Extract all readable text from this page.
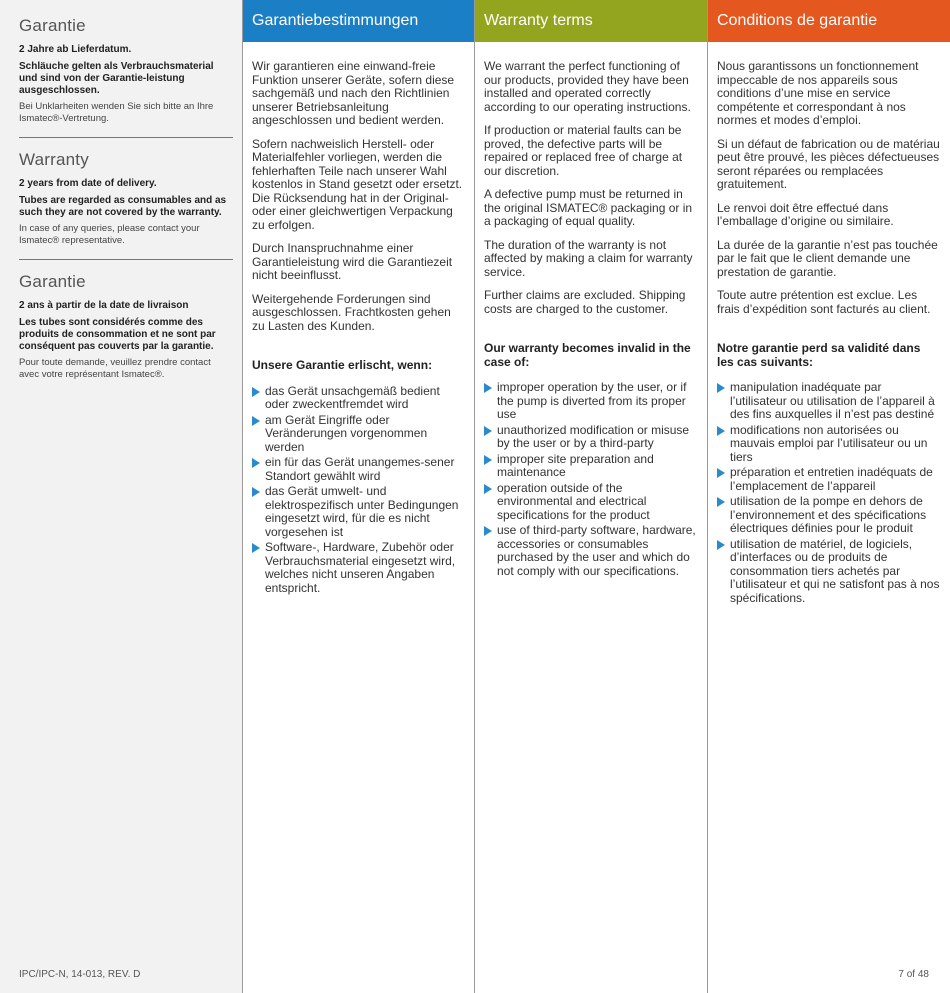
Garantie
2 Jahre ab Lieferdatum.
Schläuche gelten als Verbrauchsmaterial und sind von der Garantie-leistung ausgeschlossen.
Bei Unklarheiten wenden Sie sich bitte an Ihre Ismatec®-Vertretung.
Warranty
2 years from date of delivery.
Tubes are regarded as consumables and as such they are not covered by the warranty.
In case of any queries, please contact your Ismatec® representative.
Garantie
2 ans à partir de la date de livraison
Les tubes sont considérés comme des produits de consommation et ne sont par conséquent pas couverts par la garantie.
Pour toute demande, veuillez prendre contact avec votre représentant Ismatec®.
IPC/IPC-N, 14-013, REV. D
Garantiebestimmungen

Wir garantieren eine einwand-freie Funktion unserer Geräte, sofern diese sachgemäß und nach den Richtlinien unserer Betriebsanleitung angeschlossen und bedient werden.

Sofern nachweislich Herstell- oder Materialfehler vorliegen, werden die fehlerhaften Teile nach unserer Wahl kostenlos in Stand gesetzt oder ersetzt. Die Rücksendung hat in der Original- oder einer gleichwertigen Verpackung zu erfolgen.

Durch Inanspruchnahme einer Garantieleistung wird die Garantiezeit nicht beeinflusst.

Weitergehende Forderungen sind ausgeschlossen. Frachtkosten gehen zu Lasten des Kunden.

Unsere Garantie erlischt, wenn:

das Gerät unsachgemäß bedient oder zweckentfremdet wird
am Gerät Eingriffe oder Veränderungen vorgenommen werden
ein für das Gerät unangemes-sener Standort gewählt wird
das Gerät umwelt- und elektrospezifisch unter Bedingungen eingesetzt wird, für die es nicht vorgesehen ist
Software-, Hardware, Zubehör oder Verbrauchsmaterial eingesetzt wird, welches nicht unseren Angaben entspricht.
Warranty terms

We warrant the perfect functioning of our products, provided they have been installed and operated correctly according to our operating instructions.

If production or material faults can be proved, the defective parts will be repaired or replaced free of charge at our discretion.

A defective pump must be returned in the original ISMATEC® packaging or in a packaging of equal quality.

The duration of the warranty is not affected by making a claim for warranty service.

Further claims are excluded. Shipping costs are charged to the customer.

Our warranty becomes invalid in the case of:

improper operation by the user, or if the pump is diverted from its proper use
unauthorized modification or misuse by the user or by a third-party
improper site preparation and maintenance
operation outside of the environmental and electrical specifications for the product
use of third-party software, hardware, accessories or consumables purchased by the user and which do not comply with our specifications.
Conditions de garantie

Nous garantissons un fonctionnement impeccable de nos appareils sous conditions d’une mise en service compétente et correspondant à nos normes et modes d’emploi.

Si un défaut de fabrication ou de matériau peut être prouvé, les pièces défectueuses seront réparées ou remplacées gratuitement.

Le renvoi doit être effectué dans l’emballage d’origine ou similaire.

La durée de la garantie n’est pas touchée par le fait que le client demande une prestation de garantie.

Toute autre prétention est exclue. Les frais d’expédition sont facturés au client.

Notre garantie perd sa validité dans les cas suivants:

manipulation inadéquate par l’utilisateur ou utilisation de l’appareil à des fins auxquelles il n’est pas destiné
modifications non autorisées ou mauvais emploi par l’utilisateur ou un tiers
préparation et entretien inadéquats de l’emplacement de l’appareil
utilisation de la pompe en dehors de l’environnement et des spécifications électriques définies pour le produit
utilisation de matériel, de logiciels, d’interfaces ou de produits de consommation tiers achetés par l’utilisateur et qui ne satisfont pas à nos spécifications.
7 of 48
